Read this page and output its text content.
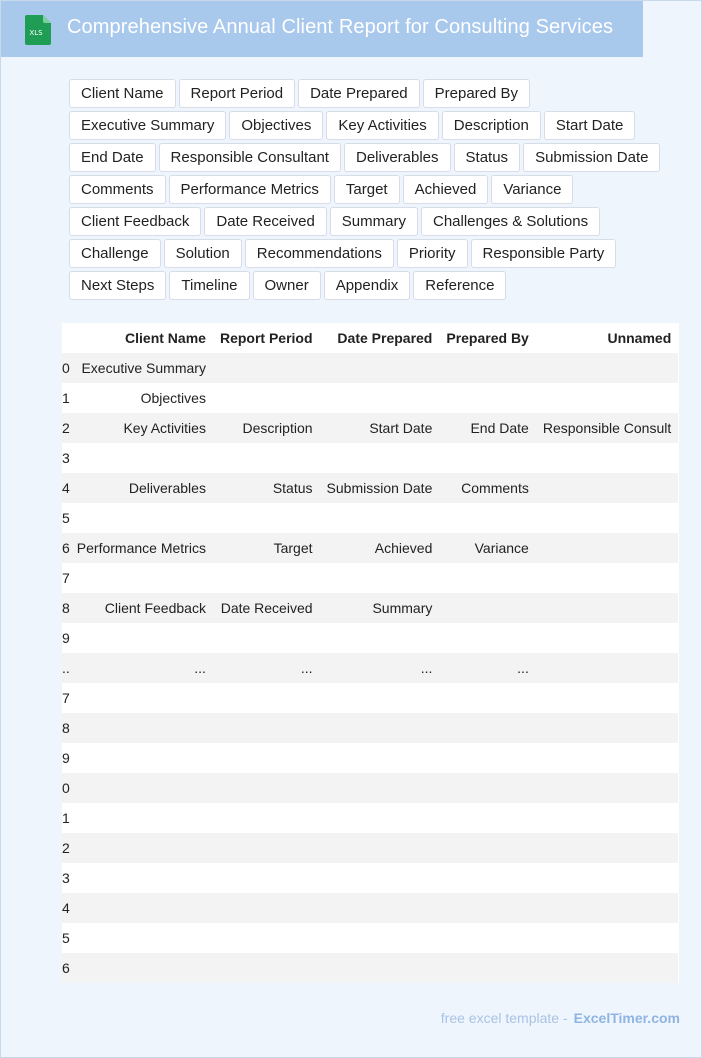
XLS Comprehensive Annual Client Report for Consulting Services
Client Name	Report Period	Date Prepared	Prepared By
Executive Summary	Objectives	Key Activities	Description	Start Date
End Date	Responsible Consultant	Deliverables	Status	Submission Date
Comments	Performance Metrics	Target	Achieved	Variance
Client Feedback	Date Received	Summary	Challenges & Solutions
Challenge	Solution	Recommendations	Priority	Responsible Party
Next Steps	Timeline	Owner	Appendix	Reference
	Client Name	Report Period	Date Prepared	Prepared By	Unnamed
0	Executive Summary				
1	Objectives				
2	Key Activities	Description	Start Date	End Date	Responsible Consult
3					
4	Deliverables	Status	Submission Date	Comments	
5					
6	Performance Metrics	Target	Achieved	Variance	
7					
8	Client Feedback	Date Received	Summary		
9					
..	...	...	...	...	
7					
8					
9					
0					
1					
2					
3					
4					
5					
6					
free excel template - ExcelTimer.com
